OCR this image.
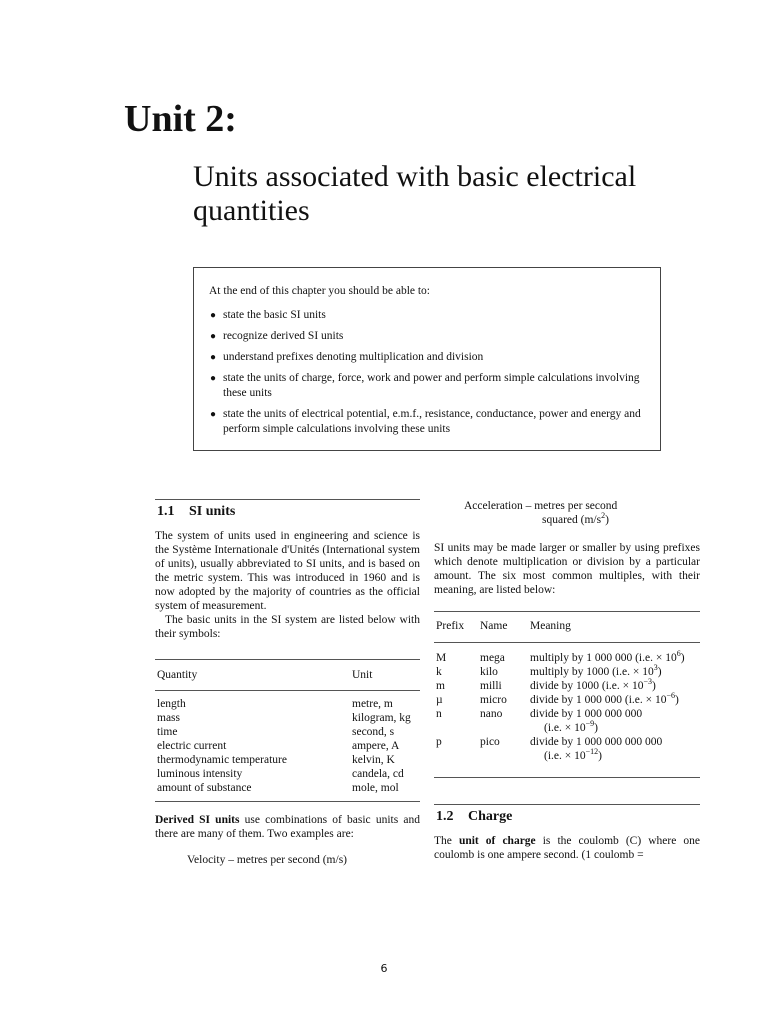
Unit 2:
Units associated with basic electrical quantities

At the end of this chapter you should be able to:

● state the basic SI units
● recognize derived SI units
● understand prefixes denoting multiplication and division
● state the units of charge, force, work and power and perform simple calculations involving these units
● state the units of electrical potential, e.m.f., resistance, conductance, power and energy and perform simple calculations involving these units
1.1 SI units

The system of units used in engineering and science is the Système Internationale d'Unités (International system of units), usually abbreviated to SI units, and is based on the metric system. This was introduced in 1960 and is now adopted by the majority of countries as the official system of measurement.

The basic units in the SI system are listed below with their symbols:

Quantity	Unit
length	metre, m
mass	kilogram, kg
time	second, s
electric current	ampere, A
thermodynamic temperature	kelvin, K
luminous intensity	candela, cd
amount of substance	mole, mol

Derived SI units use combinations of basic units and there are many of them. Two examples are:

Velocity – metres per second (m/s)

Acceleration – metres per second

squared $(m/s^2)$

SI units may be made larger or smaller by using prefixes which denote multiplication or division by a particular amount. The six most common multiples, with their meaning, are listed below:

Prefix	Name	Meaning
M	mega	multiply by 1 000 000 (i.e. × $10^6$)
k	kilo	multiply by 1000 (i.e. × $10^3$)
m	milli	divide by 1000 (i.e. × $10^{-3}$)
µ	micro	divide by 1 000 000 (i.e. × $10^{-6}$)
n	nano	divide by 1 000 000 000
(i.e. × $10^{-9}$)

p	pico	divide by 1 000 000 000 000
(i.e. × $10^{-12}$)
1.2 Charge

The unit of charge is the coulomb (C) where one coulomb is one ampere second. (1 coulomb =

6
